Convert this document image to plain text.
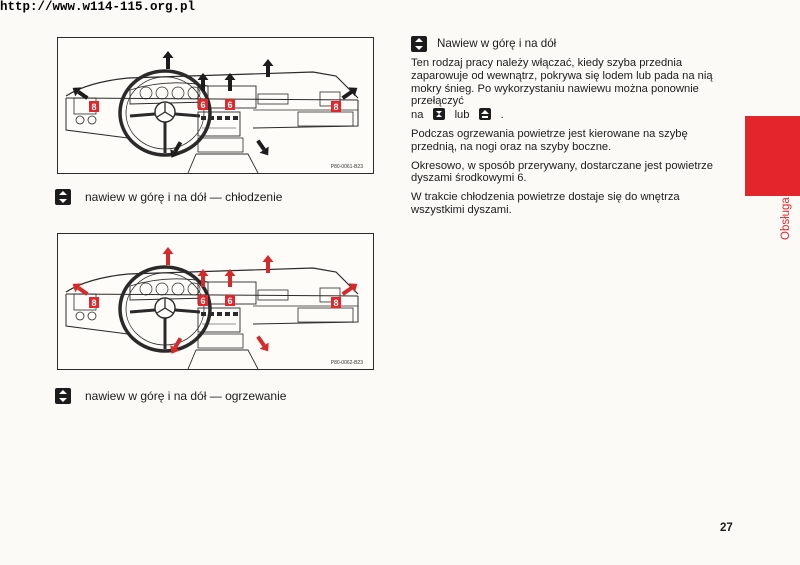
http://www.w114-115.org.pl
8	6 6	8
P80-0061-B23
nawiew w górę i na dół — chłodzenie
8	6 6	8
P80-0062-B23
nawiew w górę i na dół — ogrzewanie
Nawiew w górę i na dół

Ten rodzaj pracy należy włączać, kiedy szyba przednia zaparowuje od wewnątrz, pokrywa się lodem lub pada na nią mokry śnieg. Po wykorzystaniu nawiewu można ponownie przełączyć
na	lub	.

Podczas ogrzewania powietrze jest kierowane na szybę przednią, na nogi oraz na szyby boczne.

Okresowo, w sposób przerywany, dostarczane jest powietrze dyszami środkowymi 6.

W trakcie chłodzenia powietrze dostaje się do wnętrza wszystkimi dyszami.	Obsługa
27
